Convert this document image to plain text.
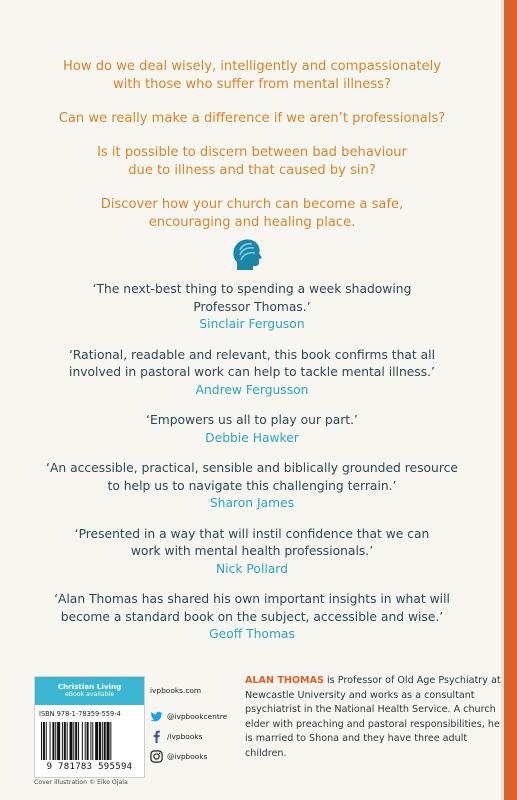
How do we deal wisely, intelligently and compassionately
with those who suffer from mental illness?

Can we really make a difference if we aren’t professionals?

Is it possible to discern between bad behaviour
due to illness and that caused by sin?

Discover how your church can become a safe,
encouraging and healing place.

‘The next-best thing to spending a week shadowing
Professor Thomas.’
Sinclair Ferguson
‘Rational, readable and relevant, this book confirms that all
involved in pastoral work can help to tackle mental illness.’
Andrew Fergusson
‘Empowers us all to play our part.’
Debbie Hawker
‘An accessible, practical, sensible and biblically grounded resource
to help us to navigate this challenging terrain.’
Sharon James
‘Presented in a way that will instil confidence that we can
work with mental health professionals.’
Nick Pollard
‘Alan Thomas has shared his own important insights in what will
become a standard book on the subject, accessible and wise.’
Geoff Thomas
Christian Living
eBook available
ISBN 978-1-78359-559-4
9 781783 595594
Cover illustration © Eiko Ojala
ivpbooks.com
@ivpbookcentre
/ivpbooks
@ivpbooks
ALAN THOMAS is Professor of Old Age Psychiatry at Newcastle University and works as a consultant psychiatrist in the National Health Service. A church elder with preaching and pastoral responsibilities, he is married to Shona and they have three adult children.
